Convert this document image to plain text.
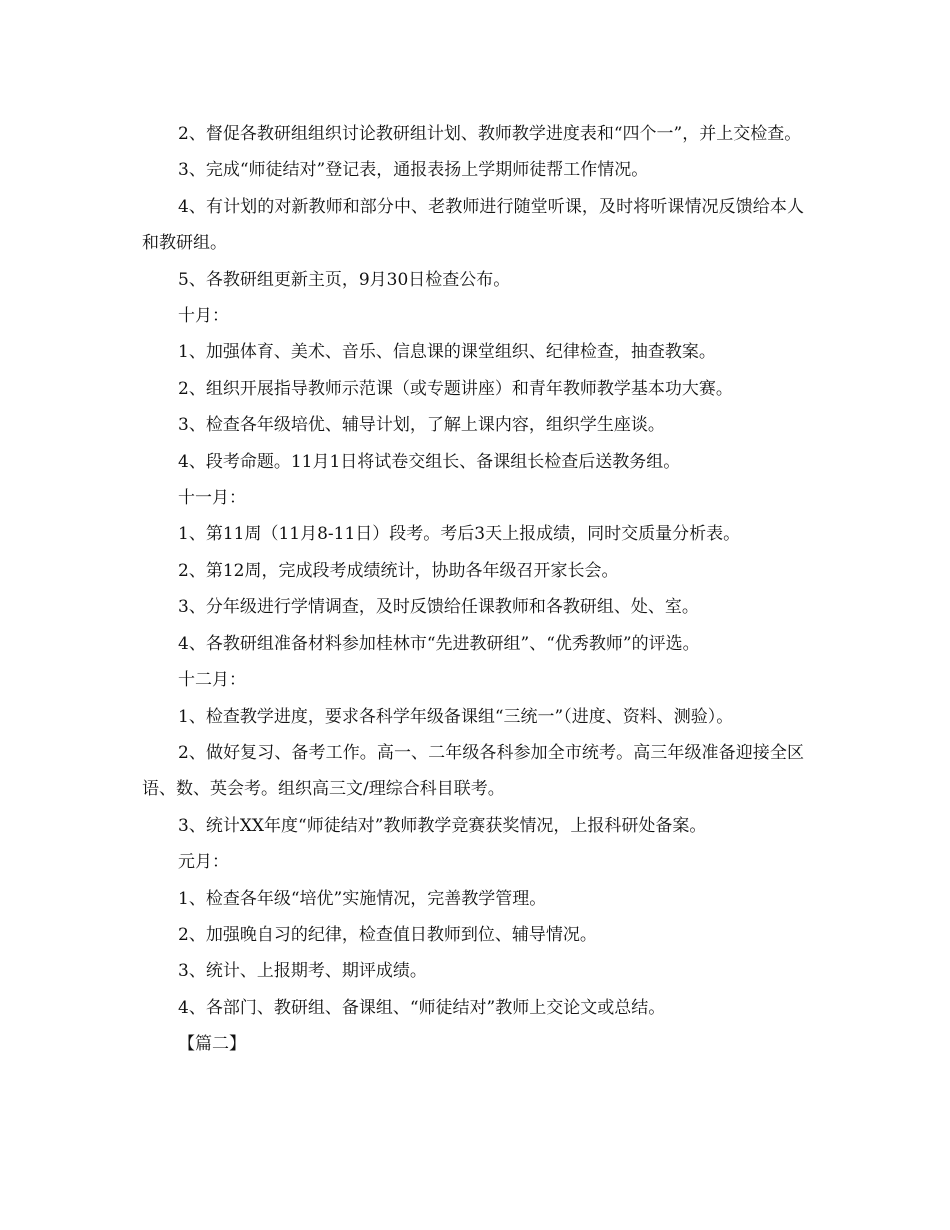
2、督促各教研组组织讨论教研组计划、教师教学进度表和“四个一”，并上交检查。

3、完成“师徒结对”登记表，通报表扬上学期师徒帮工作情况。

4、有计划的对新教师和部分中、老教师进行随堂听课，及时将听课情况反馈给本人和教研组。

5、各教研组更新主页，9月30日检查公布。

十月：

1、加强体育、美术、音乐、信息课的课堂组织、纪律检查，抽查教案。

2、组织开展指导教师示范课（或专题讲座）和青年教师教学基本功大赛。

3、检查各年级培优、辅导计划，了解上课内容，组织学生座谈。

4、段考命题。11月1日将试卷交组长、备课组长检查后送教务组。

十一月：

1、第11周（11月8-11日）段考。考后3天上报成绩，同时交质量分析表。

2、第12周，完成段考成绩统计，协助各年级召开家长会。

3、分年级进行学情调查，及时反馈给任课教师和各教研组、处、室。

4、各教研组准备材料参加桂林市“先进教研组”、“优秀教师”的评选。

十二月：

1、检查教学进度，要求各科学年级备课组“三统一”（进度、资料、测验）。

2、做好复习、备考工作。高一、二年级各科参加全市统考。高三年级准备迎接全区语、数、英会考。组织高三文/理综合科目联考。

3、统计XX年度“师徒结对”教师教学竞赛获奖情况，上报科研处备案。

元月：

1、检查各年级“培优”实施情况，完善教学管理。

2、加强晚自习的纪律，检查值日教师到位、辅导情况。

3、统计、上报期考、期评成绩。

4、各部门、教研组、备课组、“师徒结对”教师上交论文或总结。

【篇二】
